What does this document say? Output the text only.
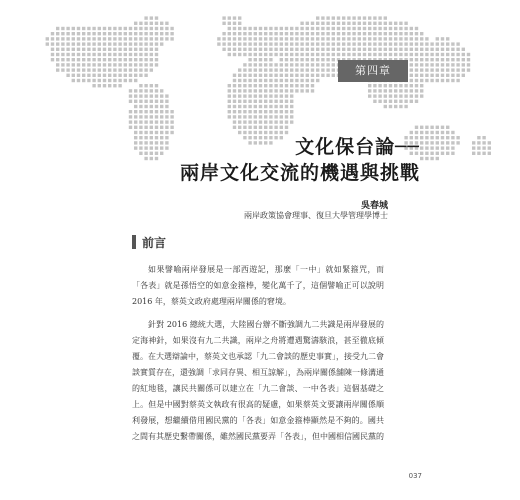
第四章
文化保台論──
兩岸文化交流的機遇與挑戰
吳春城
兩岸政策協會理事、復旦大學管理學博士
前言

如果譬喻兩岸發展是一部西遊記，那麼「一中」就如緊箍咒，而「各表」就是孫悟空的如意金箍棒，變化萬千了，這個譬喻正可以說明2016 年，蔡英文政府處理兩岸關係的窘境。

針對 2016 總統大選，大陸國台辦不斷強調九二共識是兩岸發展的定海神針，如果沒有九二共識，兩岸之舟將遭遇驚濤駭浪，甚至徹底傾覆。在大選辯論中，蔡英文也承認「九二會談的歷史事實」，接受九二會談實質存在，還強調「求同存異、相互諒解」，為兩岸關係舖陳一條溝通的紅地毯，讓民共關係可以建立在「九二會談、一中各表」這個基礎之上。但是中國對蔡英文執政有很高的疑慮，如果蔡英文要讓兩岸關係順利發展，想繼續借用國民黨的「各表」如意金箍棒顯然是不夠的。國共之間有其歷史繫帶關係，雖然國民黨要弄「各表」，但中國相信國民黨的

037
